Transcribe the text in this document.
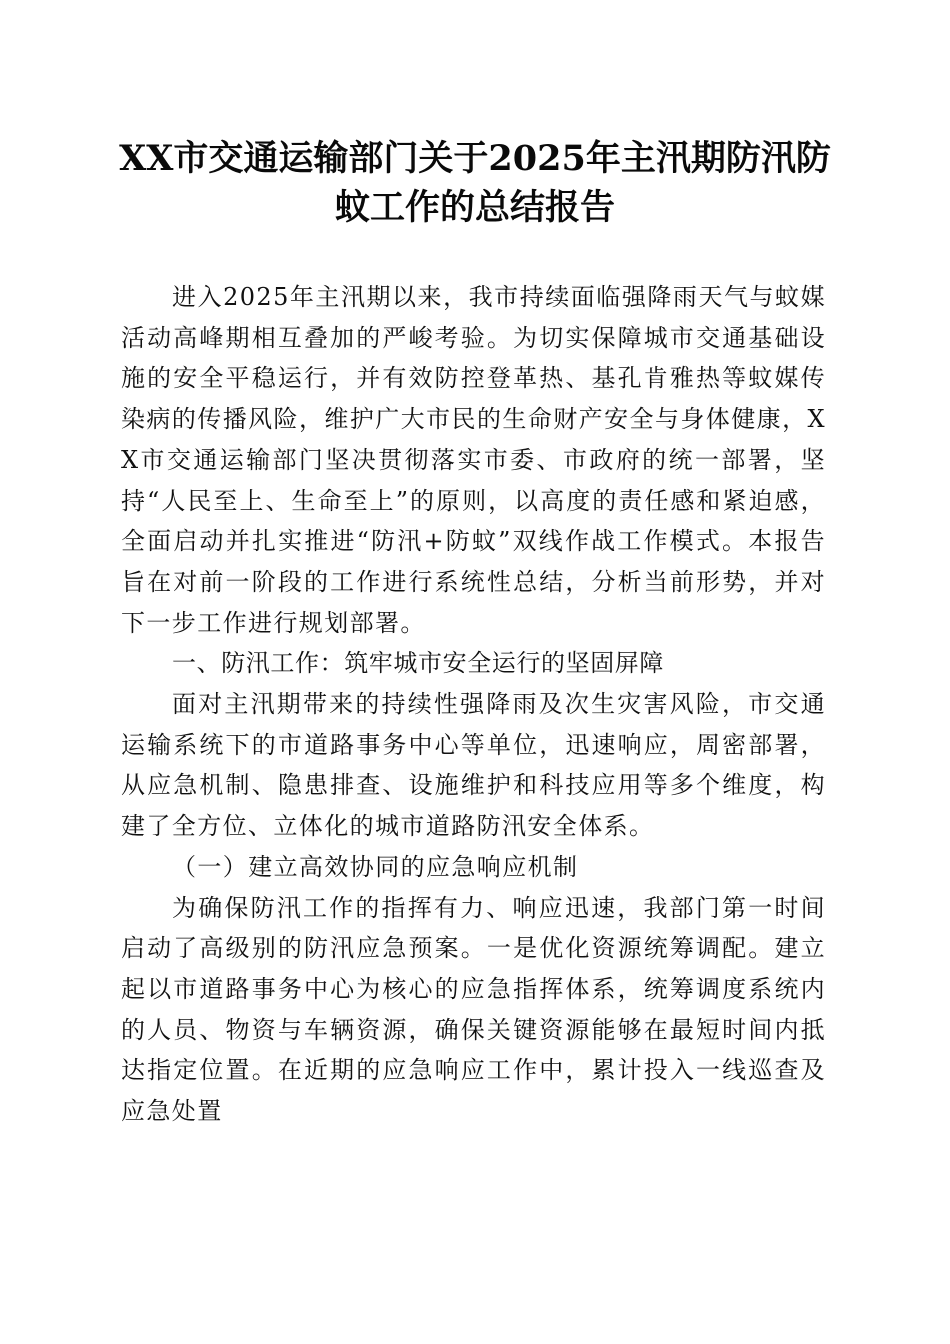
XX市交通运输部门关于2025年主汛期防汛防
蚊工作的总结报告

进入2025年主汛期以来，我市持续面临强降雨天气与蚊媒活动高峰期相互叠加的严峻考验。为切实保障城市交通基础设施的安全平稳运行，并有效防控登革热、基孔肯雅热等蚊媒传染病的传播风险，维护广大市民的生命财产安全与身体健康，XX市交通运输部门坚决贯彻落实市委、市政府的统一部署，坚持“人民至上、生命至上”的原则，以高度的责任感和紧迫感，全面启动并扎实推进“防汛+防蚊”双线作战工作模式。本报告旨在对前一阶段的工作进行系统性总结，分析当前形势，并对下一步工作进行规划部署。

一、防汛工作：筑牢城市安全运行的坚固屏障

面对主汛期带来的持续性强降雨及次生灾害风险，市交通运输系统下的市道路事务中心等单位，迅速响应，周密部署，从应急机制、隐患排查、设施维护和科技应用等多个维度，构建了全方位、立体化的城市道路防汛安全体系。

（一）建立高效协同的应急响应机制

为确保防汛工作的指挥有力、响应迅速，我部门第一时间启动了高级别的防汛应急预案。一是优化资源统筹调配。建立起以市道路事务中心为核心的应急指挥体系，统筹调度系统内的人员、物资与车辆资源，确保关键资源能够在最短时间内抵达指定位置。在近期的应急响应工作中，累计投入一线巡查及应急处置
